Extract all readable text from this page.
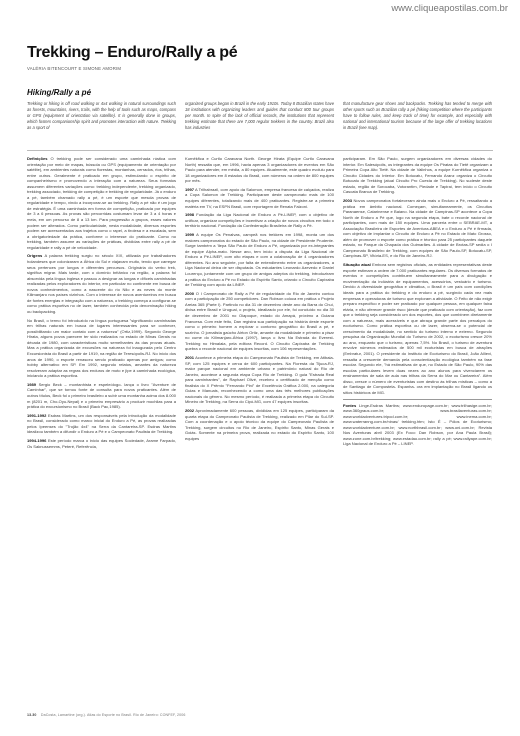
www.cliqueapostilas.com.br
Trekking – Enduro/Rally a pé
VALÉRIA BITENCOURT E SIMONE AMORIM
Hiking/Rally a pé
Trekking or hiking is off road walking or 4x4 walking in natural surroundings such as forests, mountains, rivers, trails, with the help of tools such as maps, compass or GPS (equipment of orientation via satellite). It is generally done in groups, which fosters companionship spirit and promotes interaction with nature. Trekking as a sport of
organized groups began in Brazil in the early 1910s. Today 8 Brazilian states have 18 institutions with organizing leaders and guides that conduct 800 tour groups per month. In spite of the lack of official records, the institutions that represent trekking estimate that there are 7,000 regular trekkers in the country. Brazil also has industries
that manufacture gear shoes and backpacks. Trekking has tended to merge with other sports such as Brazilian rally a pé (hiking competition where the participants have to follow rules, and keep track of time) for example, and especially with national and international tourism because of the large offer of trekking locations in Brazil (see map).

Definições O trekking pode ser considerado uma caminhada rústica com orientação por meio de mapas, bússola ou GPS (equipamento de orientação por satélite), em ambientes naturais como florestas, montanhas, cerrados, rios, trilhas, entre outros. Geralmente é praticado em grupo, estimulando o espírito de companheirismo e promovendo a interação com a natureza. Seus formatos assumem diferentes variações como: trekking independente, trekking organizado, trekking associado, trekking de competição e trekking de regularidade. Já o enduro a pé, também chamado rally a pé, é um esporte que mescla provas de regularidade e tempo, vindo a incorporar-se ao trekking. Rally a pé não é um jogo de estratégia. É uma caminhada em forma de competição, praticada por equipes de 3 a 6 pessoas. As provas são percorridas costumam levar de 3 a 4 horas e meia, em um percurso de 8 a 13 km. Para progressão a grupos, esses valores podem ser alterados. Como particularidade, nesta modalidade, diversos esportes podem ser acrescentados aos trajetos como o rapel, a tirolesa e a escalada, sem a obrigatoriedade da prática, conforme o interesse do praticante. Como no trekking, também assume as variações de práticas, divididas entre rally a pé de regularidade e rally a pé de velocidade.

Origens A palavra trekking surgiu no século XIX, utilizada por trabalhadores holandeses que colonizaram a África do Sul e viajavam muito, tendo que carregar seus pertences por longos e diferentes percursos. Originária do verbo trek, significa migrar. Mais tarde, com o domínio britânico na região, a palavra foi absorvida pela língua inglesa e passou a designar as longas e difíceis caminhadas realizadas pelos exploradores do interior, em particular no continente em busca de novos conhecimentos, como a nascente do rio Nilo e as neves do monte Kilimanjaro nos países vizinhos. Com o interesse de novos aventureiros em busca de fontes energias e integração com a natureza, o trekking começa a configurar-se como prática esportiva no de lazer, também conhecida pela denominação hiking ou backpacking.

No Brasil, o termo foi introduzido na língua portuguesa "significando caminhadas em trilhas naturais em busca de lugares interessantes para se conhecer, possibilitando um maior contato com a natureza" (Ortiz,1999). Segundo George Hirata, alguns povos parecem ter sido realizados no estado de Minas Gerais no década de 1980, com características muito semelhantes às das provas atuais. Mas a prática organizada de excursões na natureza foi inaugurada pelo Centro Excursionista do Brasil a partir de 1919, na região de Teresópolis-RJ. No início dos anos de 1990, o esporte renasceu sendo praticado apenas por amigos; como hobby alternativo em SP. Em 1992, segundo relatos, amantes da natureza resolveram adaptar as regras dos enduros de moto e jipe à caminhada ecológica, iniciando a prática esportiva.

1989 Sergio Beck – montanhista e espeleólogo- lança o livro "Aventure de Caminhar", que se tornou fonte de consulta para novos praticantes. Além de outros títulos, Beck foi o primeiro brasileiro a subir uma montanha acima dos 8.000 m (8201 m, Cho-Oyu-Nepal) e o primeiro empresário a produzir mochilas para a prática do excursionismo no Brasil (Back Pac,1985).

1991-1992 Esdras Martins, um dos responsáveis pela introdução da modalidade no Brasil, considerado como marco inicial do Enduro a Pé, as provas realizadas pelos Ipeenses do "Trojão 4x4" na Serra da Cantareira-SP. Esdras Martins idealizou também a difundir o Enduro a Pé e o Campeonato Paulista de Trekking.

1994-1996 Este período marca o início das equipes Sociedade, Arame Farpado, Os Saknussemms, Peteré, Referência,

Kurnêkfica e Curtlo Caravana North. George Hirata (Equipe Curtlo Caravana North) ressalta que, em 1996, havia apenas 3 organizadores de eventos em São Paulo para atender, em média, a 80 equipes. Atualmente, este quadro evoluiu para 18 organizadores em 8 estados do Brasil, com números na ordem de 800 equipes por mês.

1997 A Trilhabrazil, com apoio da Salomon, empresa francesa de calçados, realiza a Copa Salomon de Trekking. Participaram deste campeonato mais de 100 equipes diferentes, totalizando mais de 400 praticantes. Registre-se a primeira matéria em TV, na ESPN Brasil, com reportagem de Renata Falzoni.

1998 Fundação da Liga Nacional de Enduro a Pé-LINEP, com o objetivo de unificar, organizar competições e incentivar a criação de novos circuitos em todo o território nacional. Fundação da Confederação Brasileira de Rally a Pé.

1999 A equipe Os Penalvas, campeã nos trekkers em 1998, monta um dos maiores campeonatos do estado de São Paulo, na cidade de Presidente Prudente. Surge também a 'Ilepa São Paulo de Enduro a Pé, organizada por ex-integrantes de equipe Alpha-mato. Nesse ano, tem início a disputa da Liga Nacional de Enduro a Pé-LINEP, com oito etapas e com a colaboração de 4 organizadores diferentes. No ano seguinte, por falta de entendimento entre os organizadores, a Liga Nacional deixa de ser disputada. Os estudantes Leonardo Azevedo e Daniel Lourenço, juntamente com um grupo de amigos adeptos do trekking, introduziram a prática do Enduro a Pé no Estado do Espírito Santo, criando o Circuito Capixaba de Trekking com apoio da LINEP.

2000 O I Campeonato de Rally a Pé de regularidade do Rio de Janeiro contou com a participação de 250 competidores. Dan Robson coloca em prática o Projeto Areias 365 (Parte I). Partindo no dia 31 de dezembro deste ano da Barra do Chuí, divisa entre Brasil e Uruguai, o projeto, idealizado por ele, foi concluído no dia 30 de dezembro de 2001 no Oiapoque, estado do Amapá, próximo a Guiana Francesa. Com este feito, Dan registra sua participação na história deste esporte como o primeiro homem a explorar o contorno geográfico do Brasil a pé, e sozinho. O jornalista gaúcho Airton Ortiz, amante da modalidade e primeiro a pisar no cume do Kilimanjaro-África (1997), lança o livro Na Estrada do Everest-Trekking no Himalaia, pela editora Record. O Circuito Capixaba de Trekking quebra o recorde nacional de equipes inscritas, com 106 representações.

2001 Acontece a primeira etapa do Campeonato Paulista de Trekking, em Atibaia-SP, com 125 equipes e cerca de 600 participantes. Na Floresta da Tijuca-RJ, maior parque nacional em ambiente urbano e patrimônio natural do Rio de Janeiro, acontece a segunda etapa Copa Rio de Trekking. O guia "Estrada Real para caminhantes", de Raphael Olivé, recebeu o certificado de menção como finalista do X Prêmio "Fernando Pini" de Excelência Gráfica 2.000, na categoria Guias e Manuais, reconhecendo a como uma das três melhores publicações nacionais do gênero. No mesmo período, é realizada a primeira etapa do Circuito Mineiro de Trekking, na Serra do Cipó-MG, com 47 equipes inscritas.

2002 Aproximadamente 600 pessoas, divididas em 125 equipes, participaram da quarta etapa do Campeonato Paulista de Trekking, realizado em Pilar do Sul-SP. Com a coordenação e o apoio técnico da equipe do Campeonato Paulista de Trekking, surgem circuitos no Rio de Janeiro, Espírito Santo, Minas Gerais e Goiás. Somente na primeira prova, realizada no estado do Espírito Santo, 100 equipes

participaram. Em São Paulo, surgem organizadores em diversas cidades do interior. Em Salesópolis, os integrantes da equipe Os Piratas do Tietê organizam a Primeira Copa Alto Tietê. Na cidade de Valinhos, a equipe Kurnêkfica organiza o Circuito Cidades do Interior. Em Botucatu, Fernando Aranz organiza o Circuito Botucatu de Trekking (atual Circuito Pro Cuesta de Trekking). No sudeste deste estado, região de Sorocaba, Votorantim, Piedade e Tapiraí, tem início o Circuito Cascata Branca de Trekking.

2003 Novos campeonatos fortaleceram ainda mais o Enduro a Pé, ressaltando a prática em âmbito nacional. Começam, simultaneamente, os Circuitos Paranaense, Catarinense e Baiano. Na cidade de Campinas-SP acontece a Copa North de Enduro a Pé que, logo na segunda etapa, bate o recorde nacional de participantes, com mais de 150 equipes. Uma parceria entre o SEBRAE-MT, a Associação Brasileira de Esportes de Aventura-ABEA e o Enduro a Pé é firmada, com objetivo de implantar o Circuito de Enduro a Pé no Estado de Mato Grosso, além de promover o esporte como prática e técnico para 25 participantes daquele estado, no Parque da Chapada dos Guimarães. A cidade de Brotas-SP sedia o I Campeonato Brasileiro de Trekking, com equipes de São Paulo-SP, Botucatu-SP, Campinas-SP, Vitória-ES, e do Rio de Janeiro-RJ.

Situação atual Embora sem registros oficiais, as entidades representativas deste esporte estimam a ordem de 7.000 praticantes regulares. Os diversos formatos de eventos e competições contribuem simultaneamente para a divulgação e movimentação da indústria de equipamentos, acessórios, vestuário e turismo. Devido à diversidade geográfica e climática, o Brasil é um país com condições ideais para a prática do trekking e do enduro a pé, surgindo cada vez mais empresas e operadoras de turismo que exploram a atividade. O Feito de não exigir preparo específico e poder ser praticado por qualquer pessoa, em qualquer faixa etária, e não oferecer grande risco (desde que praticado com orientação), faz com que o trekking seja considerado um dos esportes, dos que combinem diretamente com a natureza, mais acessíveis e que abraça grande parte dos percalços do ecoturismo. Como prática esportiva ou de lazer, observa-se o potencial de crescimento da modalidade, no sentido do turismo interno e externo. Segundo pesquisa da Organização Mundial do Turismo de 2002, o ecoturismo cresce 20% ao ano, enquanto que o turismo, apenas 7,5%. No Brasil, o turismo de aventura envolve números estimados de 500 mil ecoturistas em busca de atrações (Embratur, 2001). O presidente do Instituto de Ecoturismo do Brasil, João Allievi, ressalta a crescente demanda pela conscientização ecológica também na fase escolar. Segundo ele, "há estimativas de que, no Estado de São Paulo, 90% das escolas particulares levem duas vezes ao ano alunos para vivenciarem os ensinamentos de sala de aula nas trilhas da Serra do Mar ou Cantareira". Além disso, cresce o número de eventuristas com destino às trilhas místicas – como a de Santiago de Compostela- Espanha- ora em implantação no Brasil ligando os sítios históricos de MG.

Fontes Linge-Esdras Martins; www.enduropage.com.br; www.trilhasige.com.br; www.360graus.com.br; www.brasilaventuras.com.br; www.worldadventures.tripod.com.br; www.inema.com.br; www.waterranng.com.br/ninas/ trekking.htm; Isto É – Pólos de Ecoturismo; www.worldadventure.com.br; www.northbrasil.com.br; www.oni.com.br; Revista Nos Aventuras abril 2003 (Ex Foco: Dan Robson, por Ana Paula Brasil); www.zone.com.br/trekking; www.estadao.com.br; rally a pé; www.rallyape.com.br; Liga Nacional de Enduro a Pé – LINEP.

13.30 DaCosta, Lamartine (org.). Atlas do Esporte no Brasil. Rio de Janeiro: CONFEF, 2006
